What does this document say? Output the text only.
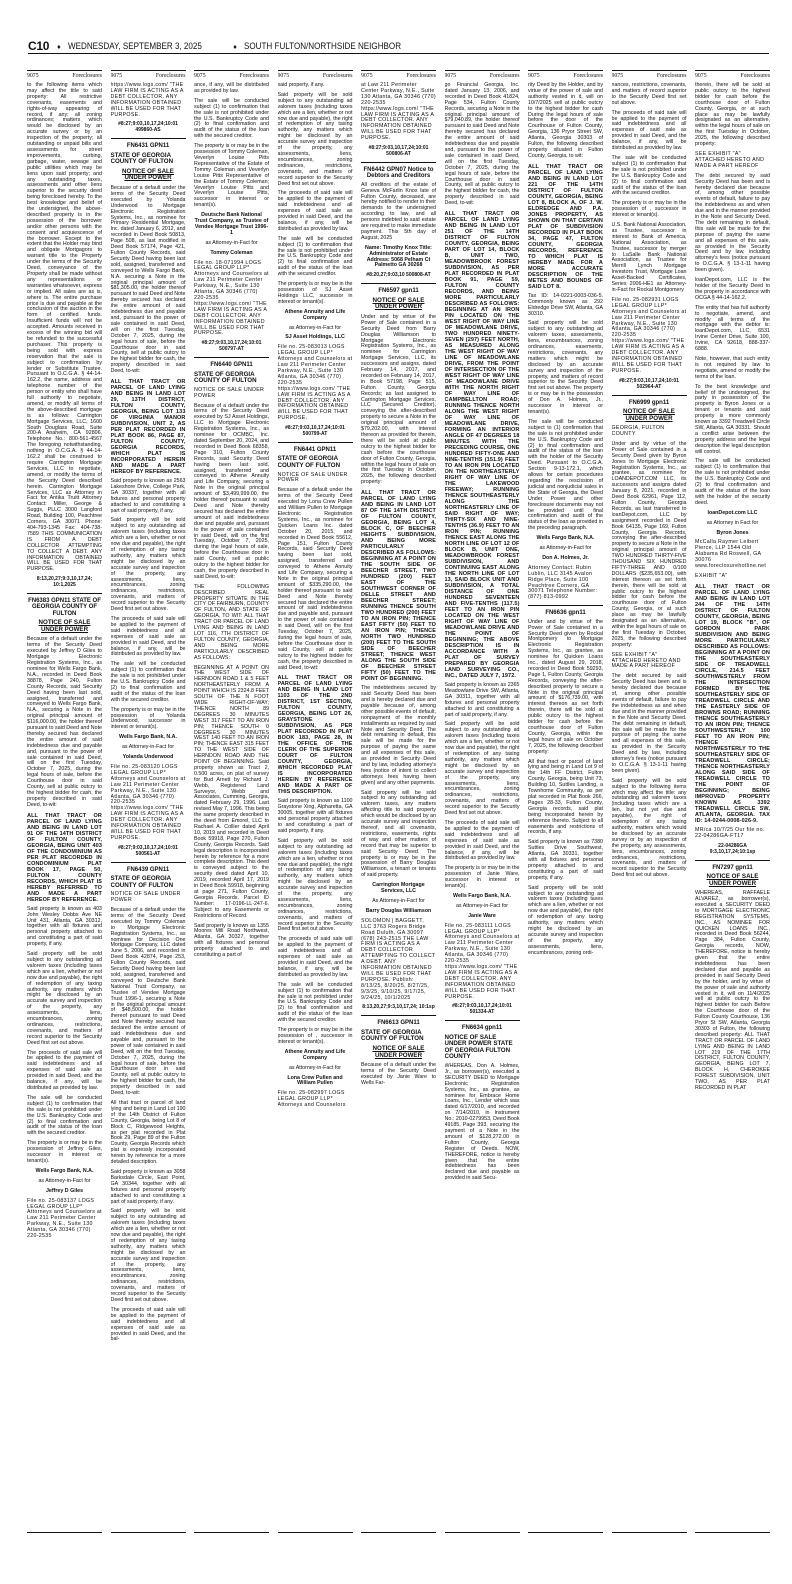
C10 ♦ WEDNESDAY, SEPTEMBER 3, 2025	♦ SOUTH FULTON/NORTHSIDE NEIGHBOR
9075	Foreclosures
to the following items which may affect the title to said property: All restrictive covenants, easements and rights-of-way appearing of record, if any; all zoning ordinances; matters which would be disclosed by an accurate survey or by an inspection of the property; all outstanding or unpaid bills and assessments for street improvements, curbing, garbage, water, sewage and public utilities which may be liens upon said property; and any outstanding taxes, assessments and other liens superior to the security deed being foreclosed hereby. To the best knowledge and belief of the undersigned, the above-described property is in the possession of the borrower and/or other persons with the consent and acquiescence of the borrower. Except to the extent that the Holder may bind and obligate Mortgagors to warrant title to the Property under the terms of the Security Deed, conveyance of the Property shall be made without any representations or warranties whatsoever, express or implied. All sales are as is, where is. The entire purchase price is due and payable at the conclusion of the auction in the form of certified funds. Insufficient funds will not be accepted. Amounts received in excess of the winning bid will be refunded to the successful purchaser. This property is being sold with express reservation that the sale is subject to confirmation by lender or Substitute Trustee. Pursuant to O.C.G.A. § 44-14-162.2, the name, address and telephone number of the person or entity who shall have full authority to negotiate, amend, or modify all terms of the above-described mortgage is as follows: Carrington Mortgage Services, LLC, 1600 South Douglass Road, Suite 200-A Anaheim, CA 92806, Telephone No.: 800-561-4567 The foregoing notwithstanding, nothing in O.C.G.A. § 44-14-162.2 shall be construed to require Carrington Mortgage Services, LLC to negotiate, amend, or modify the terms of the Security Deed described herein. Carrington Mortgage Services, LLC as Attorney in Fact for Antika Truitt Attorney Contact: Miller, George & Suggs, PLLC 3000 Langford Road, Building 100, Peachtree Corners, GA 30071 Phone: 404-793-1345 Fax: 404-738-7589 THIS COMMUNICATION IS FROM A DEBT COLLECTOR ATTEMPTING TO COLLECT A DEBT. ANY INFORMATION OBTAINED WILL BE USED FOR THAT PURPOSE.
8:13,20,27;9:3,10,17,24; 10:1,2025
FN6383 GPN11 STATE OF GEORGIA COUNTY OF FULTON
NOTICE OF SALE UNDER POWER
Because of a default under the terms of the Security Deed executed by Jeffrey D Giles to Mortgage Electronic Registration Systems, Inc., as nominee for Wells Fargo Bank, N.A., recorded in Deed Book 38878, Page 240, Fulton County Records, said Security Deed having been last sold, assigned, transferred and conveyed to Wells Fargo Bank, N.A., securing a Note in the original principal amount of $116,000.00, the holder thereof pursuant to said Deed and Note thereby secured has declared the entire amount of said indebtedness due and payable and, pursuant to the power of sale contained in said Deed, will on the first Tuesday, October 7, 2025, during the legal hours of sale, before the Courthouse door in said County, sell at public outcry to the highest bidder for cash, the property described in said Deed, to-wit:
ALL THAT TRACT OR PARCEL OF LAND LYING AND BEING IN LAND LOT 91 OF THE 14TH DISTRICT OF FULTON COUNTY, GEORGIA, BEING UNIT 403 OF THE CONDOMINIUM AS PER PLAT RECORDED IN CONDOMINIUM PLAT BOOK 17, PAGE 50, FULTON COUNTY RECORDS, WHICH PLAT IS HEREBY REFERRED TO AND MADE A PART HEREOF BY REFERENCE.
Said property is known as 403 John Wesley Dobbs Ave NE Unit 431, Atlanta, GA 30312, together with all fixtures and personal property attached to and constituting a part of said property, if any.
Said property will be sold subject to any outstanding ad valorem taxes (including taxes which are a lien, whether or not now due and payable), the right of redemption of any taxing authority, any matters which might be disclosed by an accurate survey and inspection of the property, any assessments, liens, encumbrances, zoning ordinances, restrictions, covenants, and matters of record superior to the Security Deed first set out above.
The proceeds of said sale will be applied to the payment of said indebtedness and all expenses of said sale as provided in said Deed, and the balance, if any, will be distributed as provided by law.
The sale will be conducted subject (1) to confirmation that the sale is not prohibited under the U.S. Bankruptcy Code and (2) to final confirmation and audit of the status of the loan with the secured creditor.
The property is or may be in the possession of Jeffrey Giles, successor in interest or tenant(s).
Wells Fargo Bank, N.A.
as Attorney-in-Fact for
Jeffrey D Giles
File no. 25-083137 LOGS LEGAL GROUP LLP* Attorneys and Counselors at Law 211 Perimeter Center Parkway, N.E., Suite 130 Atlanta, GA 30346 (770) 220-2535
9075	Foreclosures
https://www.logs.com/ "THE LAW FIRM IS ACTING AS A DEBT COLLECTOR. ANY INFORMATION OBTAINED WILL BE USED FOR THAT PURPOSE.
#8:27;9:03,10,17,24;10:01 499860-AS
FN6431 GPN11
STATE OF GEORGIA COUNTY OF FULTON
NOTICE OF SALE UNDER POWER
Because of a default under the terms of the Security Deed executed by Yolanda Underwood to Mortgage Electronic Registration Systems, Inc., as nominee for Primary Residential Mortgage, Inc. dated January 6, 2012, and recorded in Deed Book 50813, Page 508, as last modified in Deed Book 57174, Page 421, Fulton County Records, said Security Deed having been last sold, assigned, transferred and conveyed to Wells Fargo Bank, N.A. securing a Note in the original principal amount of $81,305.00, the holder thereof pursuant to said Deed and Note thereby secured has declared the entire amount of said indebtedness due and payable and, pursuant to the power of sale contained in said Deed, will on the first Tuesday, October 7, 2025, during the legal hours of sale, before the Courthouse door in said County, sell at public outcry to the highest bidder for cash, the property described in said Deed, to-wit:
ALL THAT TRACT OR PARCEL OF LAND LYING AND BEING IN LAND LOT 29, 13TH DISTRICT, FULTON COUNTY, GEORGIA, BEING LOT 133 OF VIRGINIA MANOR SUBDIVISION, UNIT 2, AS PER PLAT RECORDED IN PLAT BOOK 86, PAGE 87, FULTON COUNTY, GEORGIA RECORDS, WHICH PLAT IS INCORPORATED HEREIN AND MADE A PART HEREOF BY REFERENCE.
Said property is known as 2563 Lakeshore Drive, College Park, GA 30337, together with all fixtures and personal property attached to and constituting a part of said property, if any.
Said property will be sold subject to any outstanding ad valorem taxes (including taxes which are a lien, whether or not now due and payable), the right of redemption of any taxing authority, any matters which might be disclosed by an accurate survey and inspection of the property, any assessments, liens, encumbrances, zoning ordinances, restrictions, covenants, and matters of record superior to the Security Deed first set out above.
The proceeds of said sale will be applied to the payment of said indebtedness and all expenses of said sale as provided in said Deed, and the balance, if any, will be distributed as provided by law.
The sale will be conducted subject (1) to confirmation that the sale is not prohibited under the U.S. Bankruptcy Code and (2) to final confirmation and audit of the status of the loan with the secured creditor.
The property is or may be in the possession of Yolanda Underwood, successor in interest or tenant(s).
Wells Fargo Bank, N.A.
as Attorney-in-Fact for
Yolanda Underwood
File no. 25-083120 LOGS LEGAL GROUP LLP* Attorneys and Counselors at Law 211 Perimeter Center Parkway, N.E., Suite 130 Atlanta, GA 30346 (770) 220-2535 https://www.logs.com/ "THE LAW FIRM IS ACTING AS A DEBT COLLECTOR. ANY INFORMATION OBTAINED WILL BE USED FOR THAT PURPOSE.
#8:27;9:03,10,17,24;10:01 500561-AT
FN6439 GPN11
STATE OF GEORGIA COUNTY OF FULTON
NOTICE OF SALE UNDER POWER
Because of a default under the terms of the Security Deed executed by Tommy Coleman to Mortgage Electronic Registration Systems, Inc., as nominee for Decision One Mortgage Company, LLC dated June 5, 2006, and recorded in Deed Book 42874, Page 253, Fulton County Records, said Security Deed having been last sold, assigned, transferred and conveyed to Deutsche Bank National Trust Company, as Trustee of Vendee Mortgage Trust 1996-1, securing a Note in the original principal amount of $48,500.00, the holder thereof pursuant to said Deed and Note thereby secured has declared the entire amount of said indebtedness due and payable and, pursuant to the power of sale contained in said Deed, will on the first Tuesday, October 7, 2025, during the legal hours of sale, before the Courthouse door in said County, sell at public outcry to the highest bidder for cash, the property described in said Deed, to-wit:
All that tract or parcel of land lying and being in Land Lot 190 of the 14th District of Fulton County, Georgia, being Lot 8 of Block C, Ridgewood Heights, as per plat recorded in Plat Book 29, Page 89 of the Fulton County, Georgia Records which plat is expressly incorporated herein by reference for a more detailed description.
Said property is known as 3058 Barksdale Circle, East Point, GA 30344, together with all fixtures and personal property attached to and constituting a part of said property, if any.
Said property will be sold subject to any outstanding ad valorem taxes (including taxes which are a lien, whether or not now due and payable), the right of redemption of any taxing authority, any matters which might be disclosed by an accurate survey and inspection of the property, any assessments, liens, encumbrances, zoning ordinances, restrictions, covenants, and matters of record superior to the Security Deed first set out above.
The proceeds of said sale will be applied to the payment of said indebtedness and all expenses of said sale as provided in said Deed, and the bal-
9075	Foreclosures
ance, if any, will be distributed as provided by law.
The sale will be conducted subject (1) to confirmation that the sale is not prohibited under the U.S. Bankruptcy Code and (2) to final confirmation and audit of the status of the loan with the secured creditor.
The property is or may be in the possession of Tommy Coleman, Veverlyn Louise Pitts Representative of the Estate of Tommy Coleman and Veverlyn Louise Pitts Representative of the Estate of Tommy Coleman; Veverlyn Louise Pitts and Veverlyn Louise Pitts, successor in interest or tenant(s).
Deutsche Bank National Trust Company, as Trustee of Vendee Mortgage Trust 1996-1
as Attorney-in-Fact for
Tommy Coleman
File no. 18-071994 LOGS LEGAL GROUP LLP* Attorneys and Counselors at Law 211 Perimeter Center Parkway, N.E., Suite 130 Atlanta, GA 30346 (770) 220-2535 https://www.logs.com/ "THE LAW FIRM IS ACTING AS A DEBT COLLECTOR. ANY INFORMATION OBTAINED WILL BE USED FOR THAT PURPOSE.
#8:27;9:03,10,17,24;10:01 500797-AT
FN6440 GPN11
STATE OF GEORGIA COUNTY OF FULTON
NOTICE OF SALE UNDER POWER
Because of a default under the terms of the Security Deed executed by SJ Asset Holdings, LLC to Mortgage Electronic Registration Systems, Inc., as nominee for OCMBC, Inc. dated September 20, 2024, and recorded in Deed Book 68358, Page 310, Fulton County Records, said Security Deed having been last sold, assigned, transferred and conveyed to Athene Annuity and Life Company, securing a Note in the original principal amount of $3,499,999.00, the holder thereof pursuant to said Deed and Note thereby secured has declared the entire amount of said indebtedness due and payable and, pursuant to the power of sale contained in said Deed, will on the first Tuesday, October 7, 2025, during the legal hours of sale, before the Courthouse door in said County, sell at public outcry to the highest bidder for cash, the property described in said Deed, to-wit:
THE FOLLOWING DESCRIBED REAL PROPERTY SITUATE IN THE CITY OF FAIRBURN, COUNTY OF FULTON, AND STATE OF GEORGIA, TO WIT: ALL THAT TRACT OR PARCEL OF LAND LYING AND BEING IN LAND LOT 116, 7TH DISTRICT OF FULTON COUNTY, GEORGIA, AND BEING MORE PARTICULARLY DESCRIBED AS FOLLOWS:
BEGINNING AT A POINT ON THE WEST SIDE OF HERNDON ROAD 1 & 5 FEET NORTHEASTERLY FROM A POINT WHICH IS 2324.8 FEET SOUTH OF THE N FOOT WIDE RIGHT-OF-WAY; THENCE NORTH 89 DEGREES 30 MINUTES WEST 317 FEET TO AN IRON PIN; THENCE SOUTH 0 DEGREES 30 MINUTES WEST 140 FEET TO AN IRON PIN; THENCE EAST 315 FEET TO THE WEST SIDE OF HERNDON ROAD AND THE POINT OF BEGINNING. Said property shown as Tract 2, 0.500 acres, on plat of survey for Bud Arnett by Richard J. Webb, Registered Land Surveyor, Webb and Associates, Cumming, Georgia, dated February 29, 1996. Last revised May 7, 1996. This being the same property described in the deed from Emorel, LLC to Rachael A. Collier dated April 10, 2019 and recorded in Deed Book 59918, Page 270, Fulton County, Georgia Records. Said legal description is incorporated herein by reference for a more complete description. This deed is conveyed subject to the security deed dated April 10, 2019, recorded April 17, 2019 in Deed Book 59918, beginning at page 271, Fulton County, Georgia Records. Parcel ID Number: 17-0196-LL-247-6. Subject to any Easements or Restrictions of Record.
Said property is known as 1355 Moores Mill Road Northwest, Atlanta, GA 30327, together with all fixtures and personal property attached to and constituting a part of
9075	Foreclosures
said property, if any.
Said property will be sold subject to any outstanding ad valorem taxes (including taxes which are a lien, whether or not now due and payable), the right of redemption of any taxing authority, any matters which might be disclosed by an accurate survey and inspection of the property, any assessments, liens, encumbrances, zoning ordinances, restrictions, covenants, and matters of record superior to the Security Deed first set out above.
The proceeds of said sale will be applied to the payment of said indebtedness and all expenses of said sale as provided in said Deed, and the balance, if any, will be distributed as provided by law.
The sale will be conducted subject (1) to confirmation that the sale is not prohibited under the U.S. Bankruptcy Code and (2) to final confirmation and audit of the status of the loan with the secured creditor.
The property is or may be in the possession of SJ Asset Holdings LLC, successor in interest or tenant(s).
Athene Annuity and Life Company
as Attorney-in-Fact for
SJ Asset Holdings, LLC
File no. 25-083013 LOGS LEGAL GROUP LLP* Attorneys and Counselors at Law 211 Perimeter Center Parkway, N.E., Suite 130 Atlanta, GA 30346 (770) 220-2535 https://www.logs.com/ "THE LAW FIRM IS ACTING AS A DEBT COLLECTOR. ANY INFORMATION OBTAINED WILL BE USED FOR THAT PURPOSE.
#8:27;9:03,10,17,24;10:01 500799-AT
FN6441 GPN11
STATE OF GEORGIA COUNTY OF FULTON
NOTICE OF SALE UNDER POWER
Because of a default under the terms of the Security Deed executed by Lona Crew Pullen and William Pullen to Mortgage Electronic Registration Systems, Inc., as nominee for Quicken Loans Inc. dated October 20, 2015, and recorded in Deed Book 55612, Page 151, Fulton County Records, said Security Deed having been last sold, assigned, transferred and conveyed to Athene Annuity and Life Company, securing a Note in the original principal amount of $335,290.00, the holder thereof pursuant to said Deed and Note thereby secured has declared the entire amount of said indebtedness due and payable and, pursuant to the power of sale contained in said Deed, will on the first Tuesday, October 7, 2025, during the legal hours of sale, before the Courthouse door in said County, sell at public outcry to the highest bidder for cash, the property described in said Deed, to-wit:
ALL THAT TRACT OR PARCEL OF LAND LYING AND BEING IN LAND LOT 1103 OF THE 2ND DISTRICT, 1ST SECTION, FULTON COUNTY, GEORGIA, BEING LOT 26, GRAYSTONE SUBDIVISION, AS PER PLAT RECORDED IN PLAT BOOK 183, PAGE 28, IN THE OFFICE OF THE CLERK OF THE SUPERIOR COURT OF FULTON COUNTY, GEORGIA, WHICH RECORDED PLAT IS INCORPORATED HEREIN BY REFERENCE AND MADE A PART OF THIS DESCRIPTION.
Said property is known as 1100 Graystone Xing, Alpharetta, GA 30005, together with all fixtures and personal property attached to and constituting a part of said property, if any.
Said property will be sold subject to any outstanding ad valorem taxes (including taxes which are a lien, whether or not now due and payable), the right of redemption of any taxing authority, any matters which might be disclosed by an accurate survey and inspection of the property, any assessments, liens, encumbrances, zoning ordinances, restrictions, covenants, and matters of record superior to the Security Deed first set out above.
The proceeds of said sale will be applied to the payment of said indebtedness and all expenses of said sale as provided in said Deed, and the balance, if any, will be distributed as provided by law.
The sale will be conducted subject (1) to confirmation that the sale is not prohibited under the U.S. Bankruptcy Code and (2) to final confirmation and audit of the status of the loan with the secured creditor.
The property is or may be in the possession of , successor in interest or tenant(s).
Athene Annuity and Life Company
as Attorney-in-Fact for
Lona Crew Pullen and William Pullen
File no. 25-082997 LOGS LEGAL GROUP LLP* Attorneys and Counselors
9075	Foreclosures
at Law 211 Perimeter Center Parkway, N.E., Suite 130 Atlanta, GA 30346 (770) 220-2535 https://www.logs.com/ "THE LAW FIRM IS ACTING AS A DEBT COLLECTOR. ANY INFORMATION OBTAINED WILL BE USED FOR THAT PURPOSE.
#8:27;9:03,10,17,24;10:01 500806-AT
FN6442 GPN07 Notice to Debtors and Creditors
All creditors of the estate of Geneva McFarlin Knox late of Fulton County, deceased, are hereby notified to render in their demands to the undersigned according to law, and all persons indebted to said estate are required to make immediate payment. This 5th day of August, 2025
Name: Timothy Knox Title: Administrator of Estate Address: 5068 Pelham Ct Palmetto GA 30268
#8:20,27;9:03,10 500808-AT
FN6597 gpn11
NOTICE OF SALE UNDER POWER
Under and by virtue of the Power of Sale contained in a Security Deed from Barry Douglas Williamson to Mortgage Electronic Registration Systems, Inc., as nominee for Carrington Mortgage Services, LLC, its successors and assigns, dated February 14, 2017, and recorded on February 14, 2017, in Book 57198, Page 515, Fulton County, Georgia Records; as last assigned to Carrington Mortgage Services, LLC (Secured Creditor), conveying the after-described property to secure a Note in the original principal amount of $79,202.00, with interest thereon as provided for therein, there will be sold at public outcry to the highest bidder for cash before the courthouse door of Fulton County, Georgia, within the legal hours of sale on the first Tuesday in October, 2025, the following described property:
ALL THAT TRACT OR PARCEL OF LAND LYING AND BEING IN LAND LOT 87 OF THE 14TH DISTRICT OF FULTON COUNTY, GEORGIA, BEING LOT 4, BLOCK C, OF BEECHER HEIGHTS SUBDIVISION, AND BEING MORE PARTICULARLY DESCRIBED AS FOLLOWS: BEGINNING AT A POINT ON THE SOUTH SIDE OF BEECHER STREET, TWO HUNDRED (200) FEET EAST OF THE SOUTHWEST CORNER OF DELLE STREET AND BEECHER STREET; RUNNING THENCE SOUTH TWO HUNDRED (200) FEET TO AN IRON PIN; THENCE EAST FIFTY (50) FEET TO AN IRON PIN; THENCE NORTH TWO HUNDRED (200) FEET TO THE SOUTH SIDE OF BEECHER STREET; THENCE WEST ALONG THE SOUTH SIDE OF BEECHER STREET FIFTY (50) FEET TO THE POINT OF BEGINNING.
The indebtedness secured by said Security Deed has been and is hereby declared due and payable because of, among other possible events of default, nonpayment of the monthly installments as required by said Note and Security Deed. The debt remaining in default, this sale will be made for the purpose of paying the same and all expenses of this sale, as provided in Security Deed and by law, including attorney's fees (notice of intent to collect attorneys fees having been given) and any other payments.
Said property will be sold subject to any outstanding ad valorem taxes, any matters affecting title to said property which would be disclosed by an accurate survey and inspection thereof, and all covenants, restrictions, easements, rights of way and other matters of record that may be superior to said Security Deed. The property is or may be in the possession of Barry Douglas Williamson, a tenant or tenants of said property.
Carrington Mortgage Services, LLC
As Attorney-in-Fact for
Barry Douglas Williamson
SOLOMON | BAGGETT, LLC 3763 Rogers Bridge Road Duluth, GA 30097 (678) 243-2515 THE LAW FIRM IS ACTING AS A DEBT COLLECTOR ATTEMPTING TO COLLECT A DEBT. ANY INFORMATION OBTAINED WILL BE USED FOR THAT PURPOSE. Publish: 8/13/25, 8/20/25, 8/27/25, 9/3/25, 9/10/25, 9/17/25, 9/24/25, 10/1/2025
8:13,20,27;9:3,10,17,24; 10:1sp
FN6613 GPN11
STATE OF GEORGIA COUNTY OF FULTON
NOTICE OF SALE UNDER POWER
Because of a default under the terms of the Security Deed executed by Janie Ware to Wells Far-
9075	Foreclosures
go Financial Georgia, Inc. dated January 13, 2006, and recorded in Deed Book 41824, Page 534, Fulton County Records, securing a Note in the original principal amount of $79,040.89, the holder thereof pursuant to said Deed and Note thereby secured has declared the entire amount of said indebtedness due and payable and, pursuant to the power of sale contained in said Deed, will on the first Tuesday, October 7, 2025, during the legal hours of sale, before the Courthouse door in said County, sell at public outcry to the highest bidder for cash, the property described in said Deed, to-wit:
ALL THAT TRACT OR PARCEL OF LAND LYING AND BEING IN LAND LOT 251 OF THE 14TH DISTRICT OF FULTON COUNTY, GEORGIA, BEING PART OF LOT 14, BLOCK B, UNIT TWO, MEADOWBROOK FOREST SUBDIVISION, AS PER PLAT RECORDED IN PLAT BOOK 91, PAGE 59, FULTON COUNTY RECORDS, AND BEING MORE PARTICULARLY DESCRIBED AS FOLLOWS: BEGINNING AT AN IRON PIN LOCATED ON THE WEST RIGHT OF WAY LINE OF MEADOWLANE DRIVE, TWO HUNDRED NINETY-SEVEN (297) FEET NORTH, AS MEASURED ALONG THE WEST RIGHT OF WAY LINE OF MEADOWLANE DRIVE, FROM THE POINT OF INTERSECTION OF THE WEST RIGHT OF WAY LINE OF MEADOWLANE DRIVE WITH THE NORTH RIGHT OF WAY LINE OF CAMPBELLTON ROAD; RUNNING THENCE NORTH ALONG THE WEST RIGHT OF WAY LINE OF MEADOWLANE DRIVE, FORMING AN INTERIOR ANGLE OF 47 DEGREES 18 MINUTES WITH THE PRECEDING COURSE, ONE HUNDRED FIFTY-ONE AND NINE-TENTHS (151.9) FEET TO AN IRON PIN LOCATED ON THE NORTHEASTERLY RIGHT OF WAY LINE OF THE LAKEWOOD FREEWAY; RUNNING THENCE SOUTHEASTERLY ALONG THE NORTHEASTERLY LINE OF SAID RIGHT OF WAY; THIRTY-SIX AND NINE-TENTHS (36.9) FEET TO AN IRON PIN; RUNNING THENCE EAST ALONG THE NORTH LINE OF LOT 12 OF BLOCK B, UNIT ONE, MEADOWBROOK FOREST SUBDIVISION, AND CONTINUING EAST ALONG THE NORTH LINE OF LOT 13, SAID BLOCK UNIT AND SUBDIVISION, A TOTAL DISTANCE OF ONE HUNDRED SEVENTEEN AND FIVE-TENTHS (117.5) FEET TO AN IRON PIN LOCATED ON THE WEST RIGHT OF WAY LINE OF MEADOWLANE DRIVE AND THE POINT OF BEGINNING; THE ABOVE DESCRIPTION IS IN ACCORDANCE WITH A PLAT OF SURVEY PREPARED BY GEORGIA LAND SURVEYING CO., INC., DATED JULY 7, 1972.
Said property is known as 2365 Meadowlane Drive SW, Atlanta, GA 30311, together with all fixtures and personal property attached to and constituting a part of said property, if any.
Said property will be sold subject to any outstanding ad valorem taxes (including taxes which are a lien, whether or not now due and payable), the right of redemption of any taxing authority, any matters which might be disclosed by an accurate survey and inspection of the property, any assessments, liens, encumbrances, zoning ordinances, restrictions, covenants, and matters of record superior to the Security Deed first set out above.
The proceeds of said sale will be applied to the payment of said indebtedness and all expenses of said sale as provided in said Deed, and the balance, if any, will be distributed as provided by law.
The property is or may be in the possession of Janie Ware, successor in interest or tenant(s).
Wells Fargo Bank, N.A.
as Attorney-in-Fact for
Janie Ware
File no. 25-083111 LOGS LEGAL GROUP LLP* Attorneys and Counselors at Law 211 Perimeter Center Parkway, N.E., Suite 130 Atlanta, GA 30346 (770) 220-2535 https://www.logs.com/ "THE LAW FIRM IS ACTING AS A DEBT COLLECTOR. ANY INFORMATION OBTAINED WILL BE USED FOR THAT PURPOSE.
#8:27;9:03,10,17,24;10:01 501334-AT
FN6634 gpn11
NOTICE OF SALE UNDER POWER STATE OF GEORGIA FULTON COUNTY
WHEREAS, Don A. Holmes, Jr., as borrower(s), executed a SECURITY DEED to Mortgage Electronic Registration Systems, Inc., as grantee, as nominee for Embrace Home Loans, Inc., Lender which was dated 6/17/2010, and recorded on 7/14/2010, in Instrument No.: 2010-0279953, Deed Book 49185, Page 393, securing the payment of a Note in the amount of $128,272.00 in Fulton County, Georgia Register of Deeds. NOW, THEREFORE, notice is hereby given that the entire indebtedness has been declared due and payable as provided in said Secu-
9075	Foreclosures
rity Deed by the Holder, and by virtue of the power of sale and authority vested in it, will on 10/7/2025 sell at public outcry to the highest bidder for cash During the legal hours of sale before the door of the Courthouse of Fulton County, Georgia, 136 Pryor Street SW, Atlanta, Georgia 30303 of Fulton, the following described property situated in Fulton County, Georgia, to wit:
ALL THAT TRACT OR PARCEL OF LAND LYING AND BEING IN LAND LOT 221 OF THE 14TH DISTRICT OF FULTON COUNTY, GEORGIA, BEING LOT 8, BLOCK A, OF J. W. ELDREDGE AND P.A. JONES PROPERTY, AS SHOWN ON THAT CERTAIN PLAT OF SUBDIVISION RECORDED IN PLAT BOOK 34, PAGE 47, FULTON COUNTY, GEORGIA RECORDS, REFERENCE TO WHICH PLAT IS HEREBY MADE FOR A MORE ACCURATE DESCRIPTION OF THE METES AND BOUNDS OF SAID LOT 8.
Tax ID: 14-0221-0003-036-5. Commonly known as 292 Eldredge Drive SW, Atlanta, GA 30310.
Said property will be sold subject to any outstanding ad valorem taxes, assessments, liens, encumbrances, zoning ordinances, easements, restrictions, covenants, any matters which might be disclosed by an accurate survey and inspection of the property, and matters of record superior to the Security Deed first set out above. The property is or may be in the possession of Don A. Holmes, Jr., successor in interest or tenant(s).
The sale will be conducted subject to (1) confirmation that the sale is not prohibited under the U.S. Bankruptcy Code and (2) to final confirmation and audit of the status of the loan with the holder of the Security Deed. Pursuant to O.C.G.A. Section 9-13-172.1, which allows for certain procedures regarding the rescission of judicial and nonjudicial sales in the State of Georgia, the Deed Under Power and other foreclosure documents may not be provided until final confirmation and audit of the status of the loan as provided in the preceding paragraph.
Wells Fargo Bank, N.A.
as Attorney-in-Fact for
Don A. Holmes, Jr.
Attorney Contact: Rubin Lublin, LLC 3145 Avalon Ridge Place, Suite 100 Peachtree Corners, GA 30071 Telephone Number: (877) 813-0992
FN6636 gpn11
Under and by virtue of the Power of Sale contained in a Security Deed given by Rockal Montgomery to Mortgage Electronic Registration Systems, Inc., as grantee, as nominee for Quicken Loans Inc., dated August 29, 2018, recorded in Deed Book 59293, Page 1, Fulton County, Georgia Records, conveying the after-described property to secure a Note in the original principal amount of $176,739.00, with interest thereon as set forth therein, there will be sold at public outcry to the highest bidder for cash before the courthouse door of Fulton County, Georgia, within the legal hours of sale on October 7, 2025, the following described property:
All that tract or parcel of land lying and being in Land Lot 9 of the 14th FF District, Fulton County, Georgia, being Unit 73, Building 10, Suttles Landing, a Townhome Community, as per plat recorded in Plat Book 266, Pages 28-33, Fulton County, Georgia records, said plat being incorporated herein by reference thereto. Subject to all easements and restrictions of records, if any.
Said property is known as 7380 Suttles Drive Southwest, Atlanta, GA 30331, together with all fixtures and personal property attached to and constituting a part of said property, if any.
Said property will be sold subject to any outstanding ad valorem taxes (including taxes which are a lien, whether or not now due and payable), the right of redemption of any taxing authority, any matters which might be disclosed by an accurate survey and inspection of the property, any assessments, liens, encumbrances, zoning ordi-
9075	Foreclosures
nances, restrictions, covenants, and matters of record superior to the Security Deed first set out above.
The proceeds of said sale will be applied to the payment of said indebtedness and all expenses of said sale as provided in said Deed, and the balance, if any, will be distributed as provided by law.
The sale will be conducted subject (1) to confirmation that the sale is not prohibited under the U.S. Bankruptcy Code and (2) to final confirmation and audit of the status of the loan with the secured creditor.
The property is or may be in the possession of , successor in interest or tenant(s).
U.S. Bank National Association, as Trustee, successor in interest to Bank of America, National Association, as Trustee, successor by merger to LaSalle Bank National Association, as Trustee for Merrill Lynch Mortgage Investors Trust, Mortgage Loan Asset-Backed Certificates, Series 2006-HE1 as Attorney-in-Fact for Rockal Montgomery
File no. 25-082931 LOGS LEGAL GROUP LLP* Attorneys and Counselors at Law 211 Perimeter Center Parkway, N.E., Suite 130 Atlanta, GA 30346 (770) 220-2535 https://www.logs.com/ "THE LAW FIRM IS ACTING AS A DEBT COLLECTOR. ANY INFORMATION OBTAINED WILL BE USED FOR THAT PURPOSE.
#8:27;9:03,10,17,24;10:01 502964-AT
FN6999 gpn11
NOTICE OF SALE UNDER POWER
GEORGIA, FULTON COUNTY
Under and by virtue of the Power of Sale contained in a Security Deed given by Byron Jones to Mortgage Electronic Registration Systems, Inc., as grantee, as nominee for LOANDEPOT.COM LLC, its successors and assigns dated January 8, 2021, recorded in Deed Book 62961, Page 112, Fulton County, Georgia Records, as last transferred to loanDepot.com, LLC by assignment recorded in Deed Book 64135, Page 169, Fulton County, Georgia Records, conveying the after-described property to secure a Note in the original principal amount of TWO HUNDRED THIRTY-FIVE THOUSAND SIX HUNDRED FIFTY-THREE AND 0/100 DOLLARS ($235,653.00), with interest thereon as set forth therein, there will be sold at public outcry to the highest bidder for cash before the courthouse door of Fulton County, Georgia, or at such place as may be lawfully designated as an alternative, within the legal hours of sale on the first Tuesday in October, 2025, the following described property:
SEE EXHIBIT "A" ATTACHED HERETO AND MADE A PART HEREOF
The debt secured by said Security Deed has been and is hereby declared due because of, among other possible events of default, failure to pay the indebtedness as and when due and in the manner provided in the Note and Security Deed. The debt remaining in default, this sale will be made for the purpose of paying the same and all expenses of this sale, as provided in the Security Deed and by law, including attorney's fees (notice pursuant to O.C.G.A. § 13-1-11 having been given).
Said property will be sold subject to the following items which may affect the title: any outstanding ad valorem taxes (including taxes which are a lien, but not yet due and payable), the right of redemption of any taxing authority, matters which would be disclosed by an accurate survey or by an inspection of the property, any assessments, liens, encumbrances, zoning ordinances, restrictions, covenants, and matters of record superior to the Security Deed first set out above.
9075	Foreclosures
therein, there will be sold at public outcry to the highest bidder for cash before the courthouse door of Fulton County, Georgia, or at such place as may be lawfully designated as an alternative, within the legal hours of sale on the first Tuesday in October, 2025, the following described property:
SEE EXHIBIT "A" ATTACHED HERETO AND MADE A PART HEREOF
The debt secured by said Security Deed has been and is hereby declared due because of, among other possible events of default, failure to pay the indebtedness as and when due and in the manner provided in the Note and Security Deed. The debt remaining in default, this sale will be made for the purpose of paying the same and all expenses of this sale, as provided in the Security Deed and by law, including attorney's fees (notice pursuant to O.C.G.A. § 13-1-11 having been given).
loanDepot.com, LLC is the holder of the Security Deed to the property in accordance with OCGA § 44-14-162.2.
The entity that has full authority to negotiate, amend, and modify all terms of the mortgage with the debtor is: loanDepot.com, LLC, 6531 Irvine Center Drive, Suite 100, Irvine, CA 92618, 888-337-6888.
Note, however, that such entity is not required by law to negotiate, amend or modify the terms of the loan.
To the best knowledge and belief of the undersigned, the party in possession of the property is Byron Jones or a tenant or tenants and said property is more commonly known as 3392 Treadwell Circle SW, Atlanta, GA 30331. Should a conflict arise between the property address and the legal description the legal description will control.
The sale will be conducted subject (1) to confirmation that the sale is not prohibited under the U.S. Bankruptcy Code and (2) to final confirmation and audit of the status of the loan with the holder of the security deed.
loanDepot.com LLC
as Attorney in Fact for
Byron Jones
McCalla Raymer Leibert Pierce, LLP 1544 Old Alabama Rd Roswell, GA 30076 www.foreclosurehotline.net
EXHIBIT "A"
ALL THAT TRACT OR PARCEL OF LAND LYING AND BEING IN LAND LOT 244 OF THE 14TH DISTRICT OF FULTON COUNTY, GEORGIA, BEING LOT 19, BLOCK "B", OF GORDON PARK SUBDIVISION AND BEING MORE PARTICULARLY DESCRIBED AS FOLLOWS: BEGINNING AT A POINT ON THE SOUTHEASTERLY SIDE OF TREADWELL CIRCLE, 214.5 FEET SOUTHWESTERLY FROM THE INTERSECTION FORMED BY THE SOUTHEASTERLY SIDE OF TREADWELL CIRCLE AND THE EASTERLY SIDE OF BROWNS ROAD; RUNNING THENCE SOUTHEASTERLY TO AN IRON PIN; THENCE SOUTHWESTERLY 100 FEET TO AN IRON PIN; THENCE NORTHWESTERLY TO THE SOUTHEASTERLY SIDE OF TREADWELL CIRCLE; THENCE NORTHEASTERLY ALONG SAID SIDE OF TREADWELL CIRCLE TO THE POINT OF BEGINNING; BEING IMPROVED PROPERTY KNOWN AS 3392 TREADWELL CIRCLE SW, ATLANTA, GEORGIA. TAX ID: 14-0244-0008-026-9.
MR/ca 10/7/25 Our file no. 22-04286GA-FT17
22-04286GA 9:3,10,17,24;10:1sp
FN7297 gpn11
NOTICE OF SALE UNDER POWER
WHEREAS, RAFFAELE ALVAREZ, as borrower(s), executed a SECURITY DEED to MORTGAGE ELECTRONIC REGISTRATION SYSTEMS, INC., AS NOMINEE FOR QUICKEN LOANS INC., recorded in Deed Book 56244, Page 384, Fulton County, Georgia records, NOW, THEREFORE, notice is hereby given that the entire indebtedness has been declared due and payable as provided in said Security Deed by the holder, and by virtue of the power of sale and authority vested in it, will on 11/4/2025 sell at public outcry to the highest bidder for cash Before the Courthouse door of the Fulton County Courthouse, 136 Pryor St SW, Atlanta, Georgia 30303 of Fulton, the following described property: ALL THAT TRACT OR PARCEL OF LAND LYING AND BEING IN LAND LOT 219 OF THE 17TH DISTRICT, FULTON COUNTY, GEORGIA, BEING LOT 7, BLOCK H, CHEROKEE FOREST SUBDIVISION, UNIT TWO, AS PER PLAT RECORDED IN PLAT
